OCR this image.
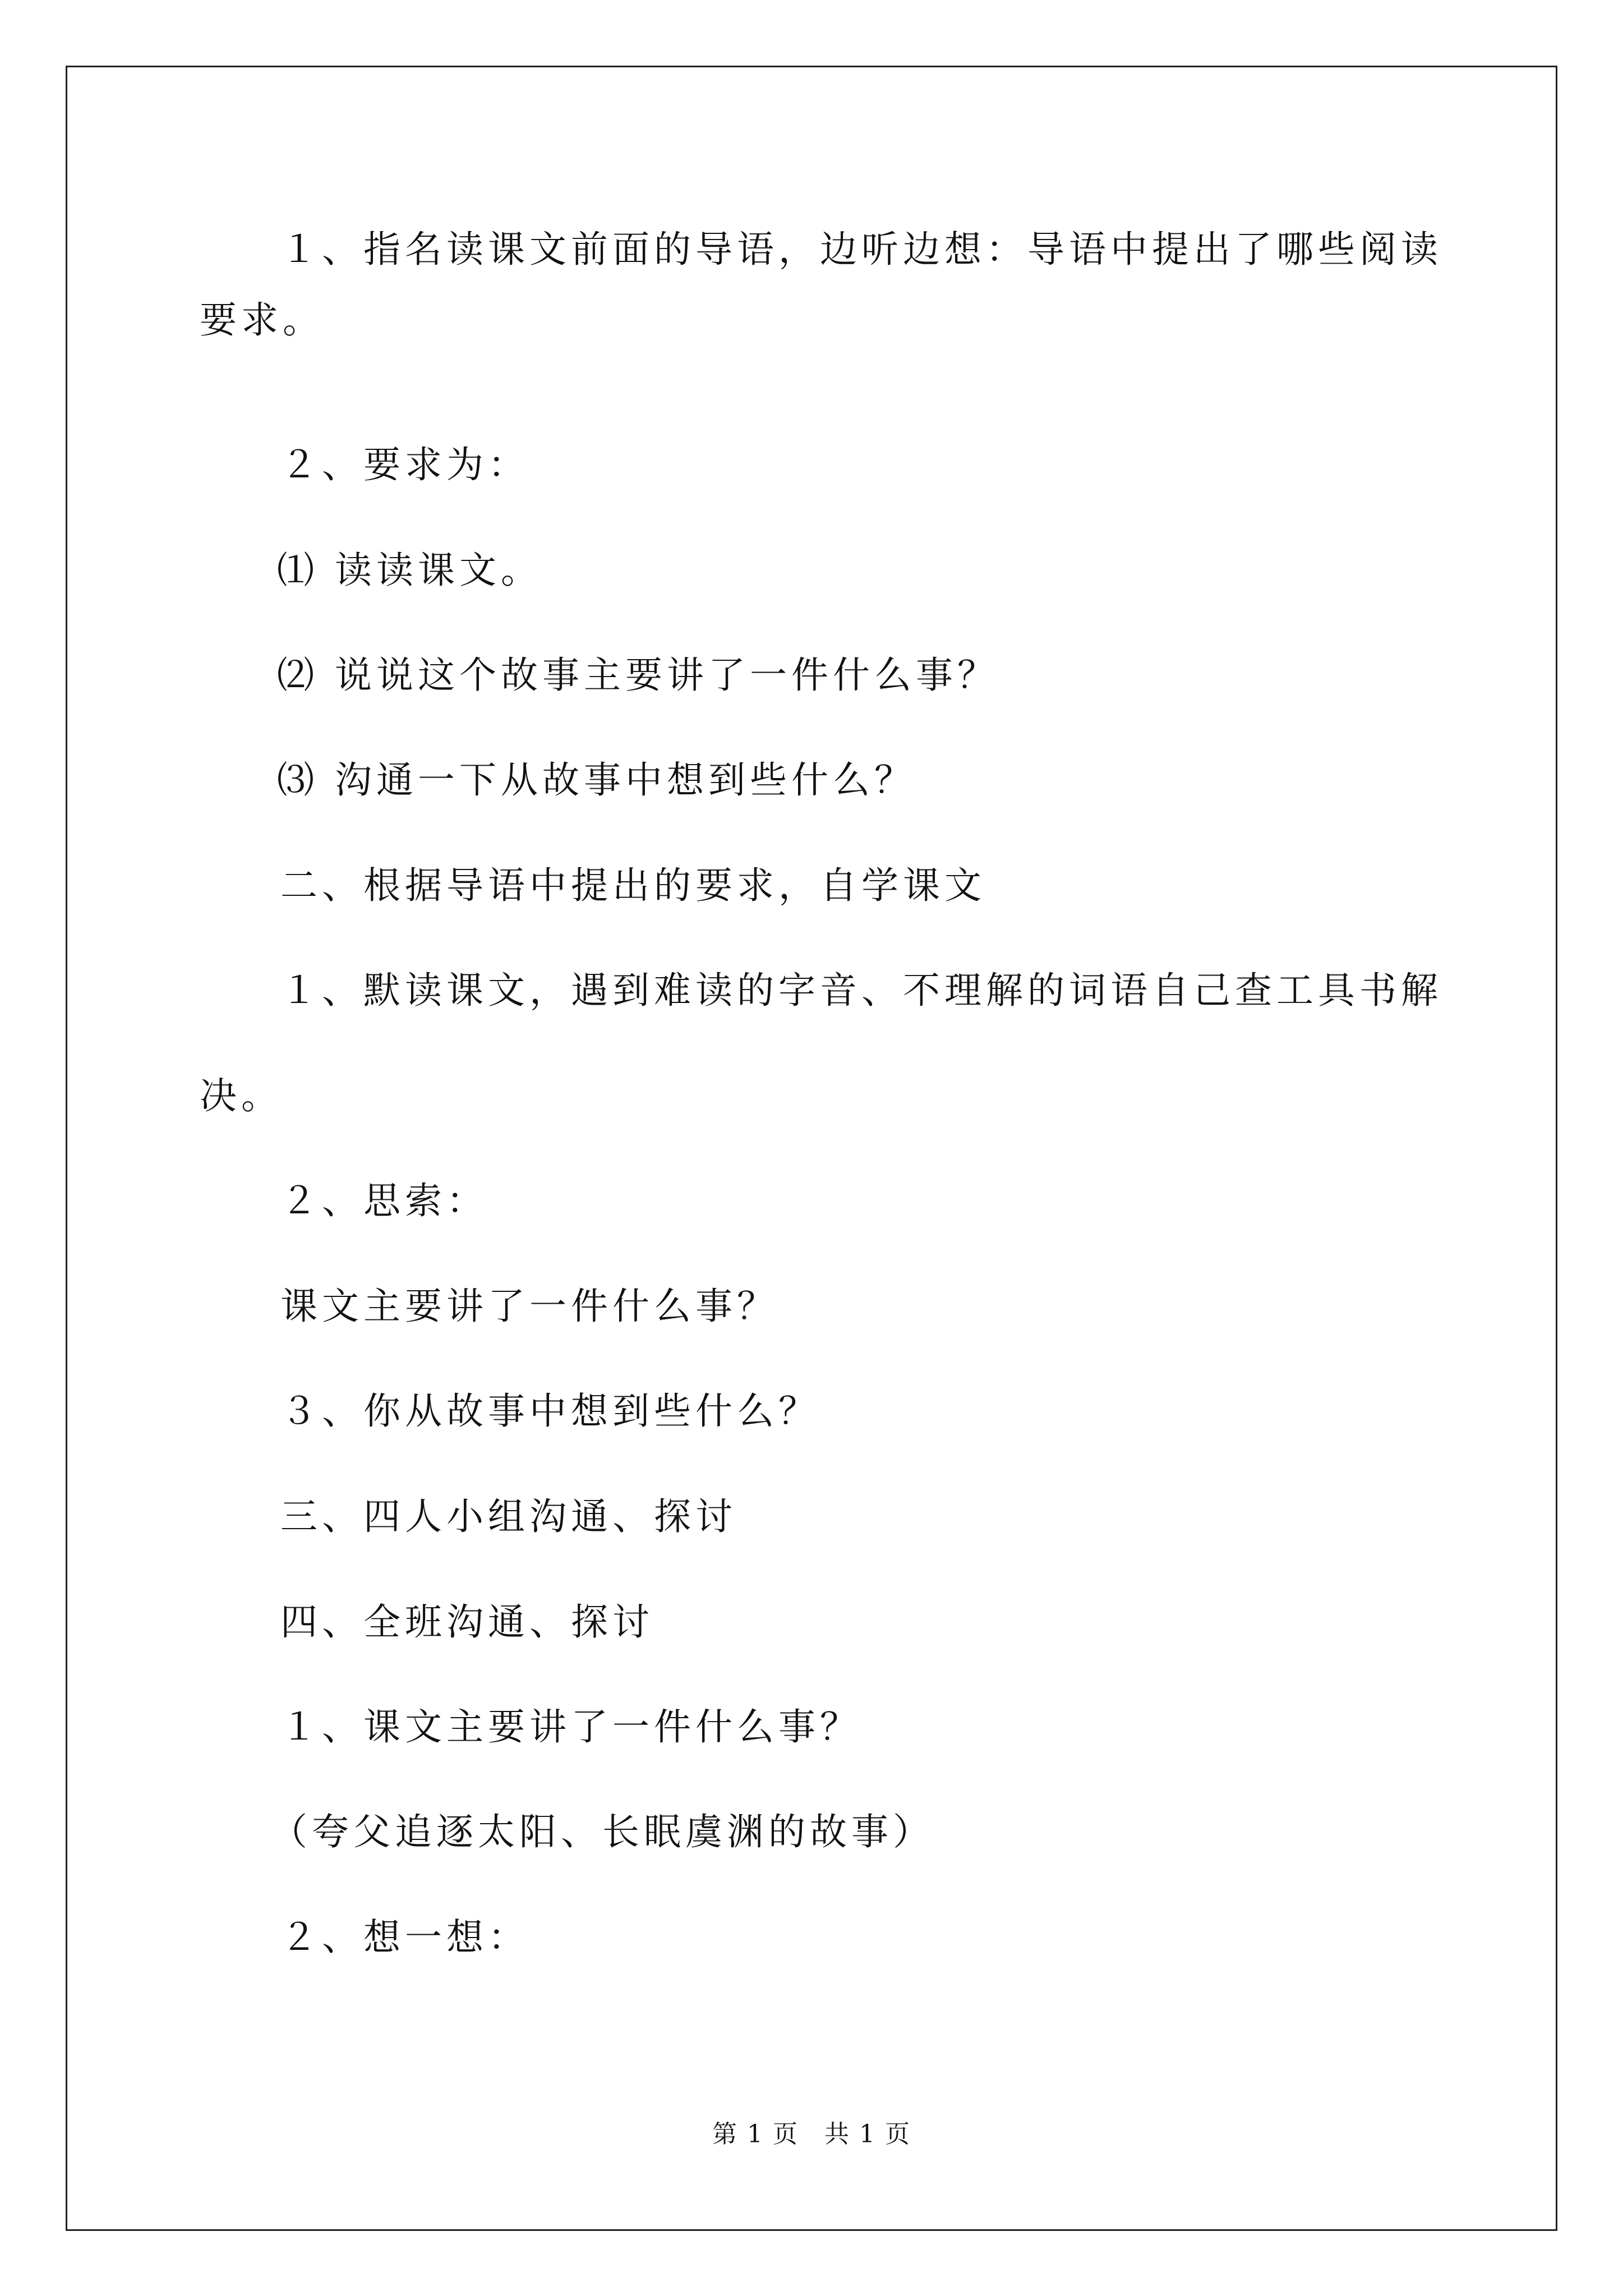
１、指名读课文前面的导语，边听边想：导语中提出了哪些阅读
要求。
２、要求为：
⑴ 读读课文。
⑵ 说说这个故事主要讲了一件什么事？
⑶ 沟通一下从故事中想到些什么？
二、根据导语中提出的要求，自学课文
１、默读课文，遇到难读的字音、不理解的词语自己查工具书解
决。
２、思索：
课文主要讲了一件什么事？
３、你从故事中想到些什么？
三、四人小组沟通、探讨
四、全班沟通、探讨
１、课文主要讲了一件什么事？
（夸父追逐太阳、长眠虞渊的故事）
２、想一想：
第 1 页　共 1 页
